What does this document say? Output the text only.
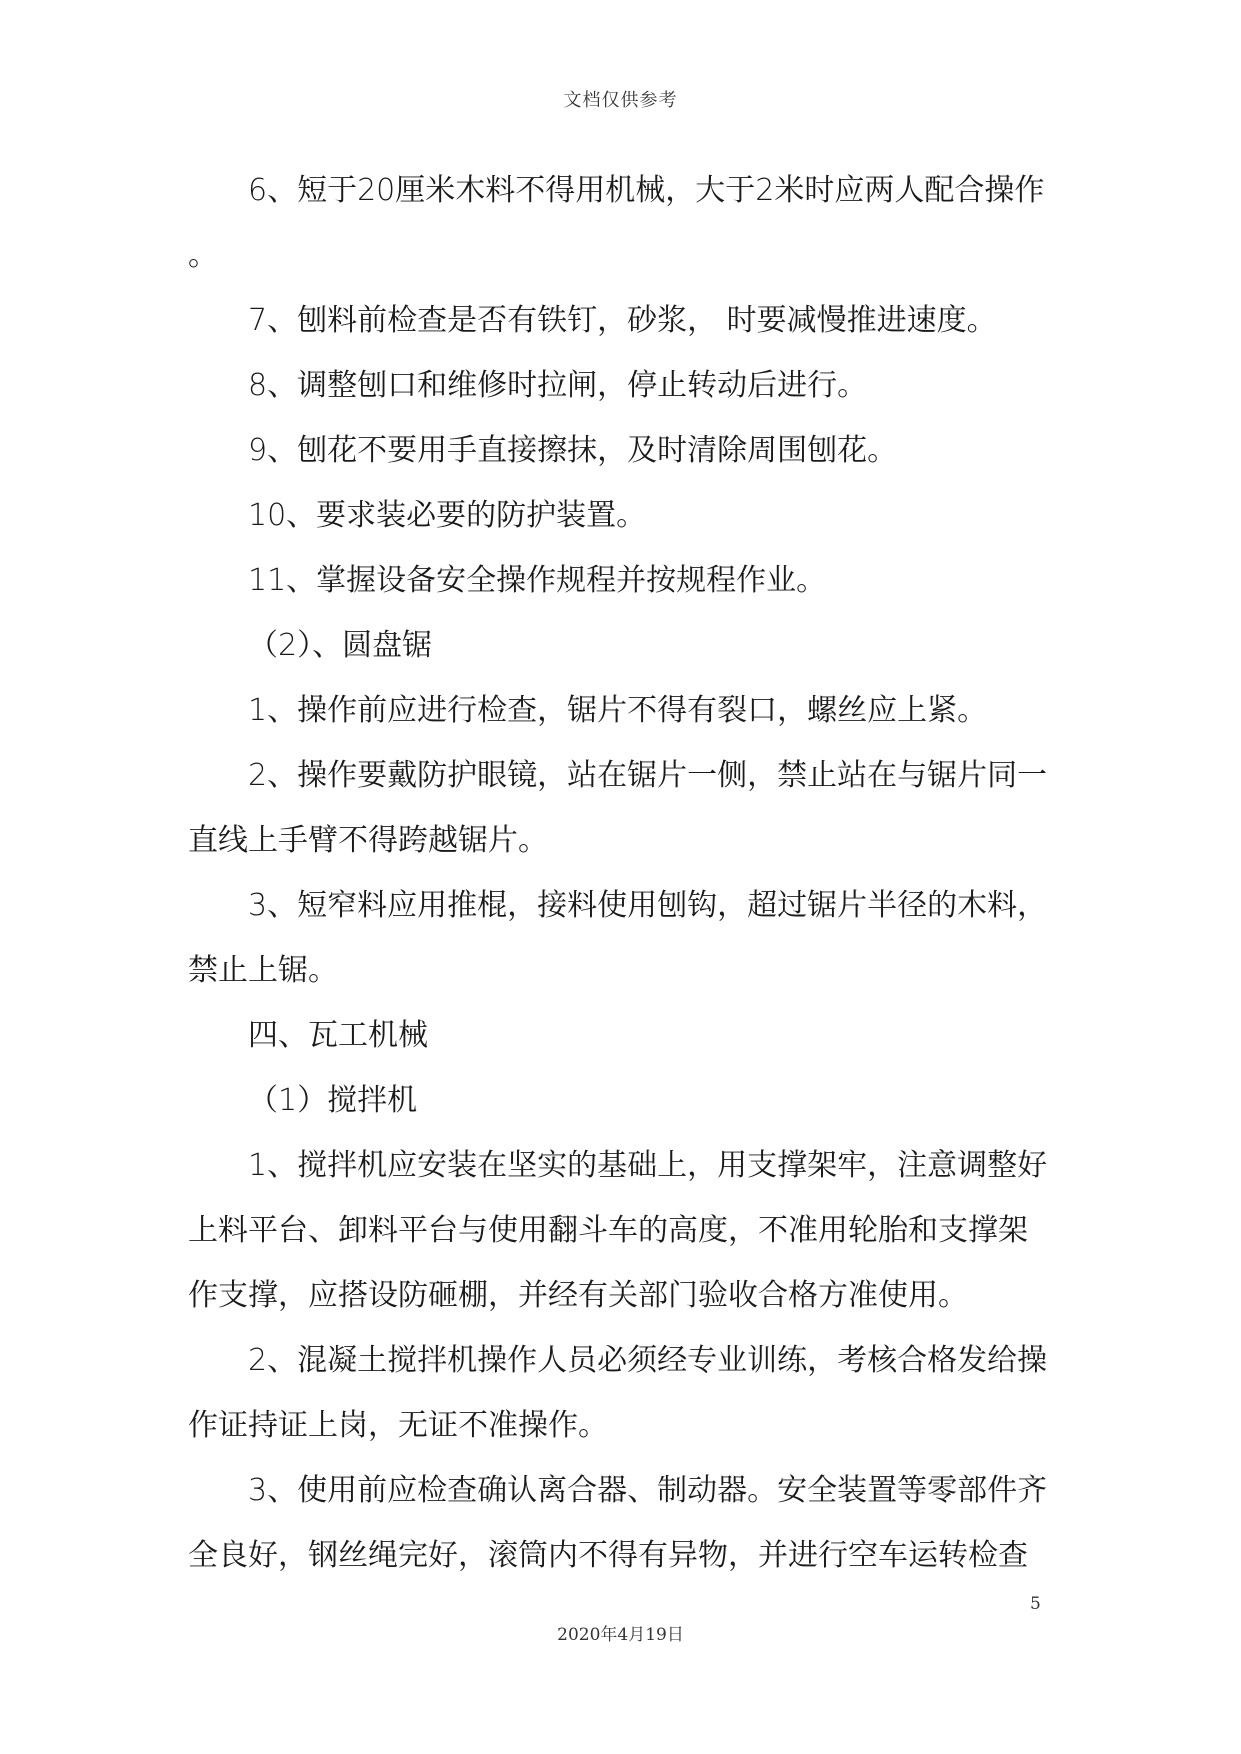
文档仅供参考

6、短于20厘米木料不得用机械，大于2米时应两人配合操作

。

7、刨料前检查是否有铁钉，砂浆， 时要减慢推进速度。

8、调整刨口和维修时拉闸，停止转动后进行。

9、刨花不要用手直接擦抹，及时清除周围刨花。

10、要求装必要的防护装置。

11、掌握设备安全操作规程并按规程作业。

（2）、圆盘锯

1、操作前应进行检查，锯片不得有裂口，螺丝应上紧。

2、操作要戴防护眼镜，站在锯片一侧，禁止站在与锯片同一

直线上手臂不得跨越锯片。

3、短窄料应用推棍，接料使用刨钩，超过锯片半径的木料，

禁止上锯。

四、瓦工机械

（1）搅拌机

1、搅拌机应安装在坚实的基础上，用支撑架牢，注意调整好

上料平台、卸料平台与使用翻斗车的高度，不准用轮胎和支撑架

作支撑，应搭设防砸棚，并经有关部门验收合格方准使用。

2、混凝土搅拌机操作人员必须经专业训练，考核合格发给操

作证持证上岗，无证不准操作。

3、使用前应检查确认离合器、制动器。安全装置等零部件齐

全良好，钢丝绳完好，滚筒内不得有异物，并进行空车运转检查

5
2020年4月19日
